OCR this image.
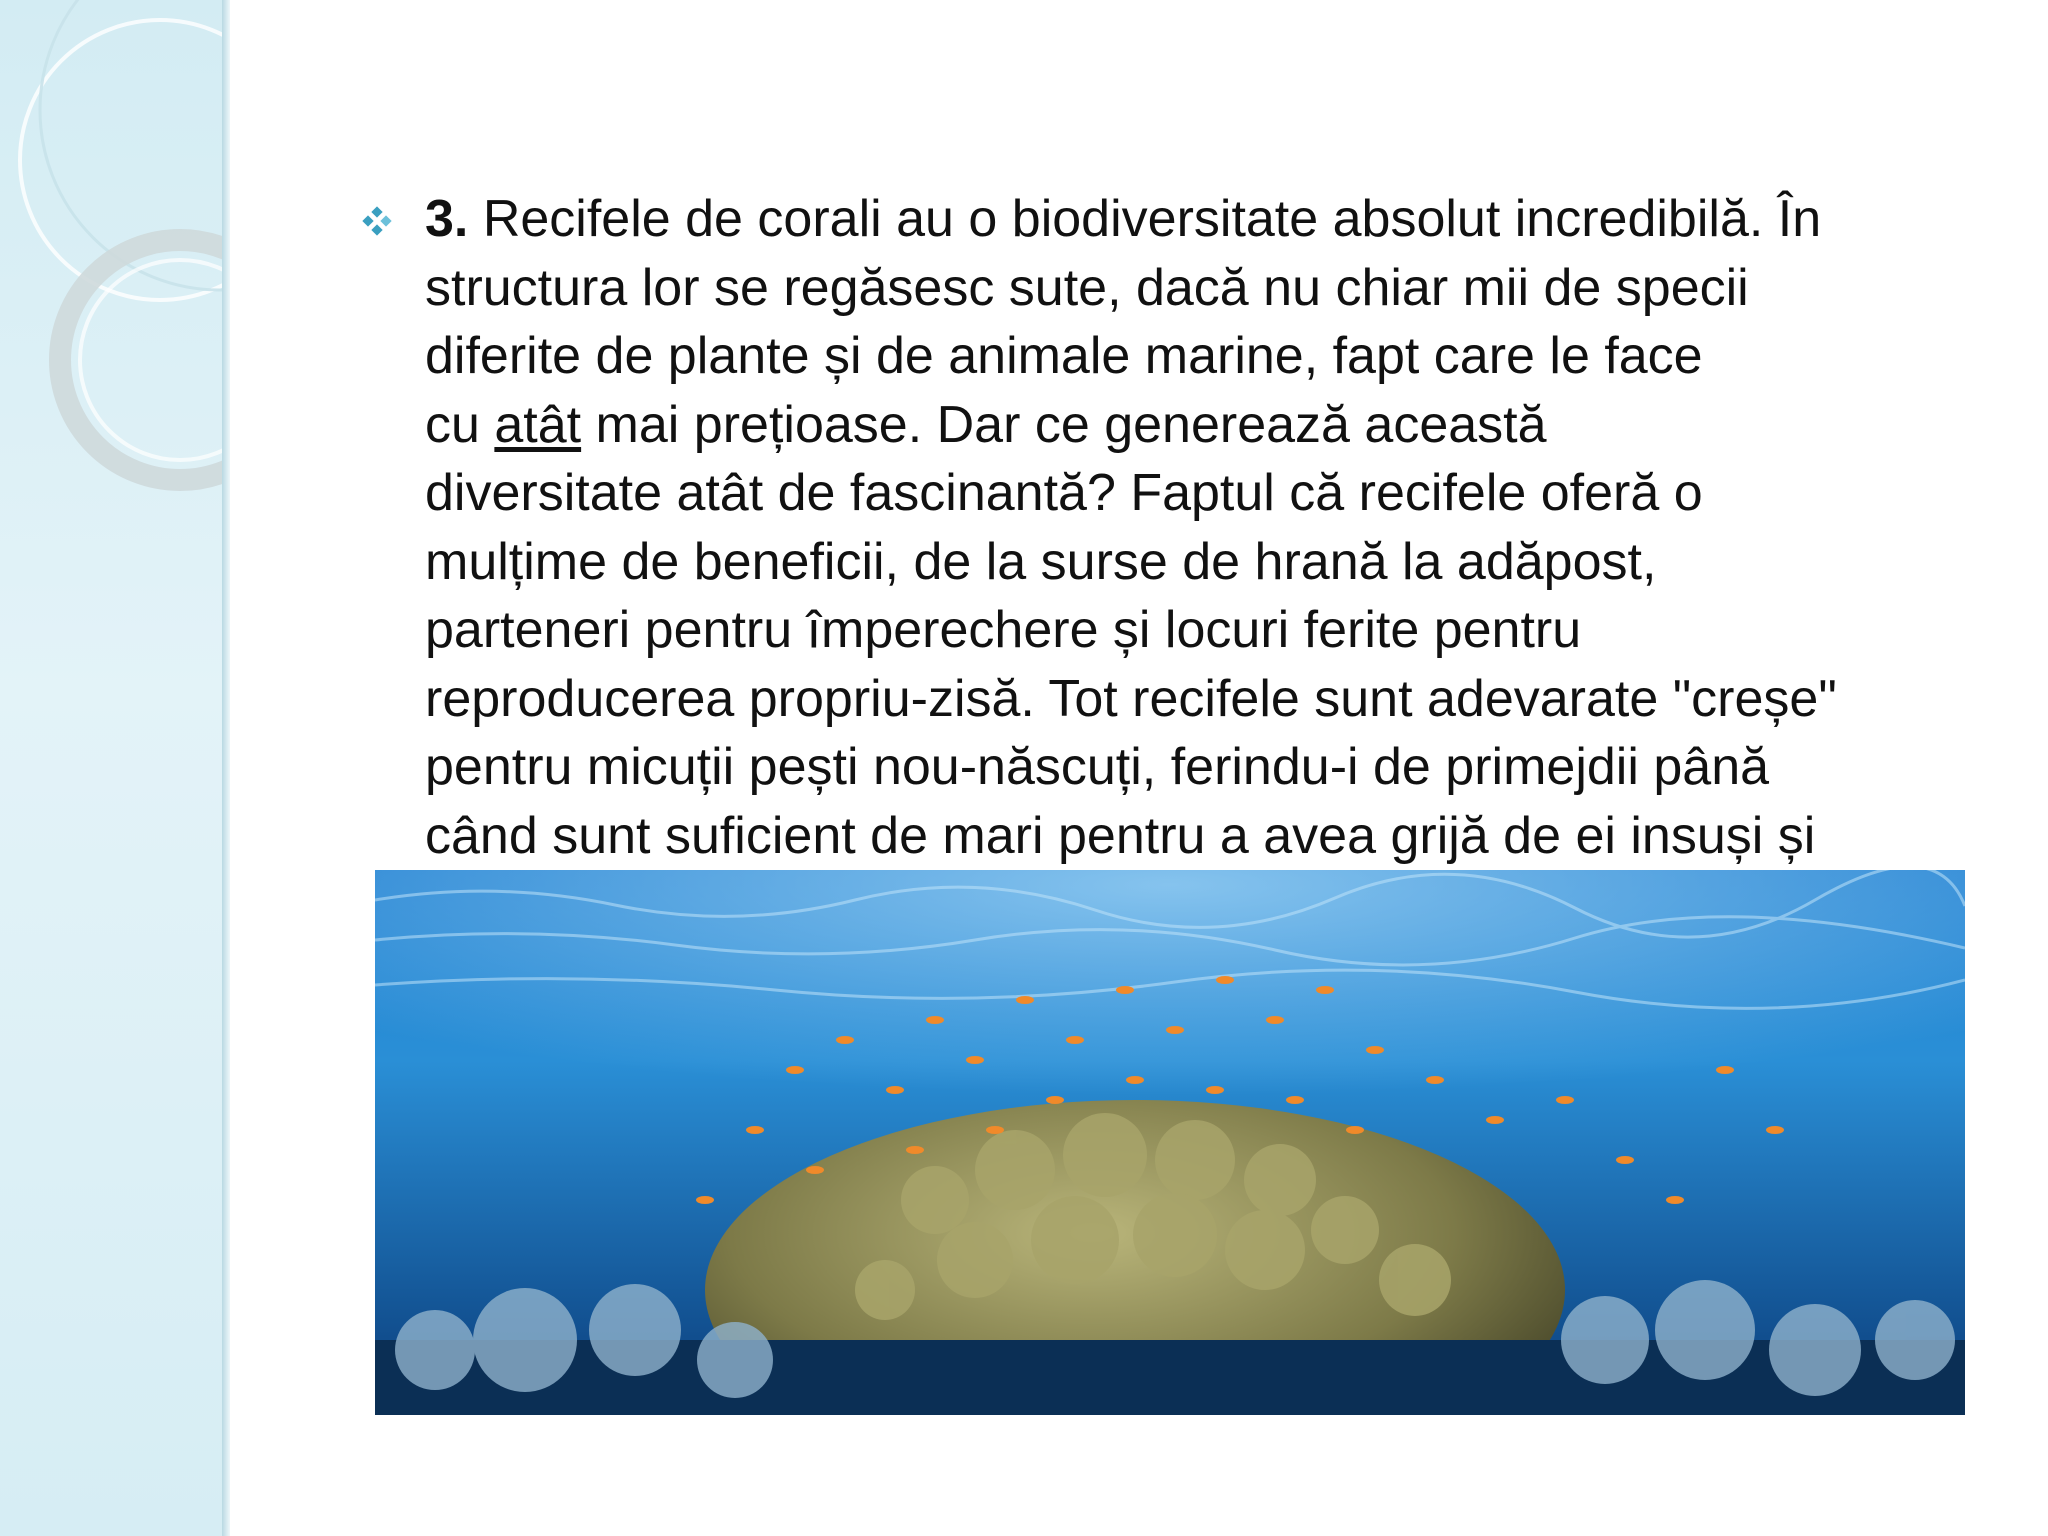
3. Recifele de corali au o biodiversitate absolut incredibilă. În
structura lor se regăsesc sute, dacă nu chiar mii de specii
diferite de plante și de animale marine, fapt care le face
cu atât mai prețioase. Dar ce generează această
diversitate atât de fascinantă? Faptul că recifele oferă o
mulțime de beneficii, de la surse de hrană la adăpost,
parteneri pentru împerechere și locuri ferite pentru
reproducerea propriu-zisă. Tot recifele sunt adevarate "creșe"
pentru micuții pești nou-născuți, ferindu-i de primejdii până
când sunt suficient de mari pentru a avea grijă de ei insuși și
